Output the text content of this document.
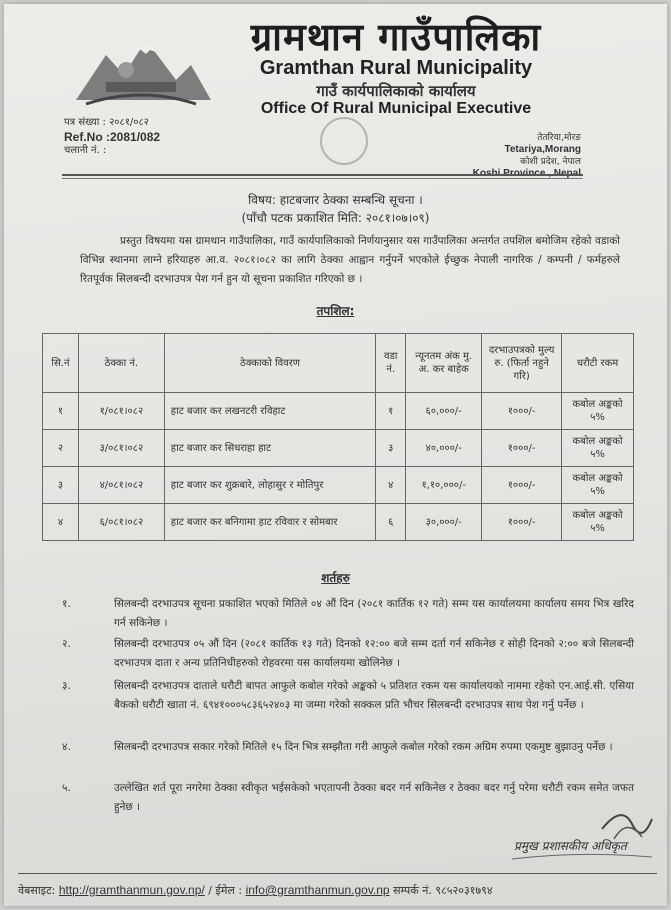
ग्रामथान गाउँपालिका
Gramthan Rural Municipality
गाउँ कार्यपालिकाको कार्यालय
Office Of Rural Municipal Executive
पत्र संख्या : २०८१/०८२
Ref.No :2081/082
चलानी नं. :
तेतरिया,मोरङ
Tetariya,Morang
कोशी प्रदेश, नेपाल
Koshi Province , Nepal
विषय: हाटबजार ठेक्का सम्बन्धि सूचना ।
(पाँचौ पटक प्रकाशित मिति: २०८१।०७।०९)
प्रस्तुत विषयमा यस ग्रामथान गाउँपालिका, गाउँ कार्यपालिकाको निर्णयानुसार यस गाउँपालिका अन्तर्गत तपशिल बमोजिम रहेको वडाको विभिन्न स्थानमा लाग्ने हरियाहरु आ.व. २०८१।०८२ का लागि ठेक्का आह्वान गर्नुपर्ने भएकोले ईच्छुक नेपाली नागरिक / कम्पनी / फर्महरुले रितपूर्वक सिलबन्दी दरभाउपत्र पेश गर्न हुन यो सूचना प्रकाशित गरिएको छ ।
तपशिल:
सि.नं	ठेक्का नं.	ठेक्काको विवरण	वडा नं.	न्यूनतम अंक मु. अ. कर बाहेक	दरभाउपत्रको मुल्य रु. (फिर्ता नहुने गरि)	धरौटी रकम
१	१/०८१।०८२	हाट बजार कर लखनटरी रविहाट	१	६०,०००/-	१०००/-	कबोल अङ्कको ५%
२	३/०८१।०८२	हाट बजार कर सिधराहा हाट	३	४०,०००/-	१०००/-	कबोल अङ्कको ५%
३	४/०८१।०८२	हाट बजार कर शुक्रबारे, लोहासुर र मोतिपुर	४	१,१०,०००/-	१०००/-	कबोल अङ्कको ५%
४	६/०८१।०८२	हाट बजार कर बनिगामा हाट रविवार र सोमबार	६	३०,०००/-	१०००/-	कबोल अङ्कको ५%
शर्तहरु
१.	सिलबन्दी दरभाउपत्र सूचना प्रकाशित भएको मितिले ०४ औं दिन (२०८१ कार्तिक १२ गते) सम्म यस कार्यालयमा कार्यालय समय भित्र खरिद गर्न सकिनेछ ।
२.	सिलबन्दी दरभाउपत्र ०५ औं दिन (२०८१ कार्तिक १३ गते) दिनको १२:०० बजे सम्म दर्ता गर्न सकिनेछ र सोही दिनको २:०० बजे सिलबन्दी दरभाउपत्र दाता र अन्य प्रतिनिधीहरुको रोहवरमा यस कार्यालयमा खोलिनेछ ।
३.	सिलबन्दी दरभाउपत्र दाताले धरौटी बापत आफुले कबोल गरेको अङ्कको ५ प्रतिशत रकम यस कार्यालयको नाममा रहेको एन.आई.सी. एसिया बैकको धरौटी खाता नं. ६९४१०००५८३६५२४०३ मा जम्मा गरेको सक्कल प्रति भौचर सिलबन्दी दरभाउपत्र साथ पेश गर्नु पर्नेछ ।
४.	सिलबन्दी दरभाउपत्र सकार गरेको मितिले १५ दिन भित्र सम्झौता गरी आफुले कबोल गरेको रकम अग्रिम रुपमा एकमुष्ट बुझाउनु पर्नेछ ।
५.	उल्लेखित शर्त पूरा नगरेमा ठेक्का स्वीकृत भईसकेको भएतापनी ठेक्का बदर गर्न सकिनेछ र ठेक्का बदर गर्नु परेमा धरौटी रकम समेत जफत हुनेछ ।
प्रमुख प्रशासकीय अधिकृत
वेबसाइट: http://gramthanmun.gov.np/ / ईमेल : info@gramthanmun.gov.np सम्पर्क नं. ९८५२०३१७९४
